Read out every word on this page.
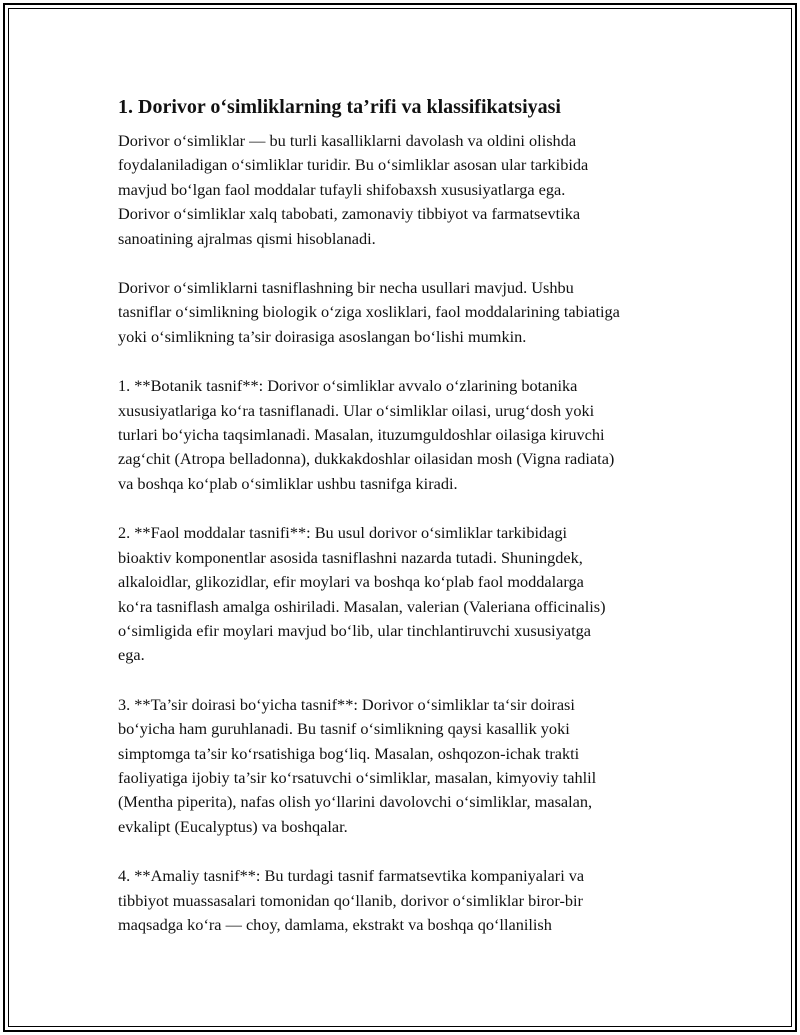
1. Dorivor o‘simliklarning ta’rifi va klassifikatsiyasi

Dorivor o‘simliklar — bu turli kasalliklarni davolash va oldini olishda
foydalaniladigan o‘simliklar turidir. Bu o‘simliklar asosan ular tarkibida
mavjud bo‘lgan faol moddalar tufayli shifobaxsh xususiyatlarga ega.
Dorivor o‘simliklar xalq tabobati, zamonaviy tibbiyot va farmatsevtika
sanoatining ajralmas qismi hisoblanadi.

Dorivor o‘simliklarni tasniflashning bir necha usullari mavjud. Ushbu
tasniflar o‘simlikning biologik o‘ziga xosliklari, faol moddalarining tabiatiga
yoki o‘simlikning ta’sir doirasiga asoslangan bo‘lishi mumkin.

1. **Botanik tasnif**: Dorivor o‘simliklar avvalo o‘zlarining botanika
xususiyatlariga ko‘ra tasniflanadi. Ular o‘simliklar oilasi, urug‘dosh yoki
turlari bo‘yicha taqsimlanadi. Masalan, ituzumguldoshlar oilasiga kiruvchi
zag‘chit (Atropa belladonna), dukkakdoshlar oilasidan mosh (Vigna radiata)
va boshqa ko‘plab o‘simliklar ushbu tasnifga kiradi.

2. **Faol moddalar tasnifi**: Bu usul dorivor o‘simliklar tarkibidagi
bioaktiv komponentlar asosida tasniflashni nazarda tutadi. Shuningdek,
alkaloidlar, glikozidlar, efir moylari va boshqa ko‘plab faol moddalarga
ko‘ra tasniflash amalga oshiriladi. Masalan, valerian (Valeriana officinalis)
o‘simligida efir moylari mavjud bo‘lib, ular tinchlantiruvchi xususiyatga
ega.

3. **Ta’sir doirasi bo‘yicha tasnif**: Dorivor o‘simliklar ta‘sir doirasi
bo‘yicha ham guruhlanadi. Bu tasnif o‘simlikning qaysi kasallik yoki
simptomga ta’sir ko‘rsatishiga bog‘liq. Masalan, oshqozon-ichak trakti
faoliyatiga ijobiy ta’sir ko‘rsatuvchi o‘simliklar, masalan, kimyoviy tahlil
(Mentha piperita), nafas olish yo‘llarini davolovchi o‘simliklar, masalan,
evkalipt (Eucalyptus) va boshqalar.

4. **Amaliy tasnif**: Bu turdagi tasnif farmatsevtika kompaniyalari va
tibbiyot muassasalari tomonidan qo‘llanib, dorivor o‘simliklar biror-bir
maqsadga ko‘ra — choy, damlama, ekstrakt va boshqa qo‘llanilish
